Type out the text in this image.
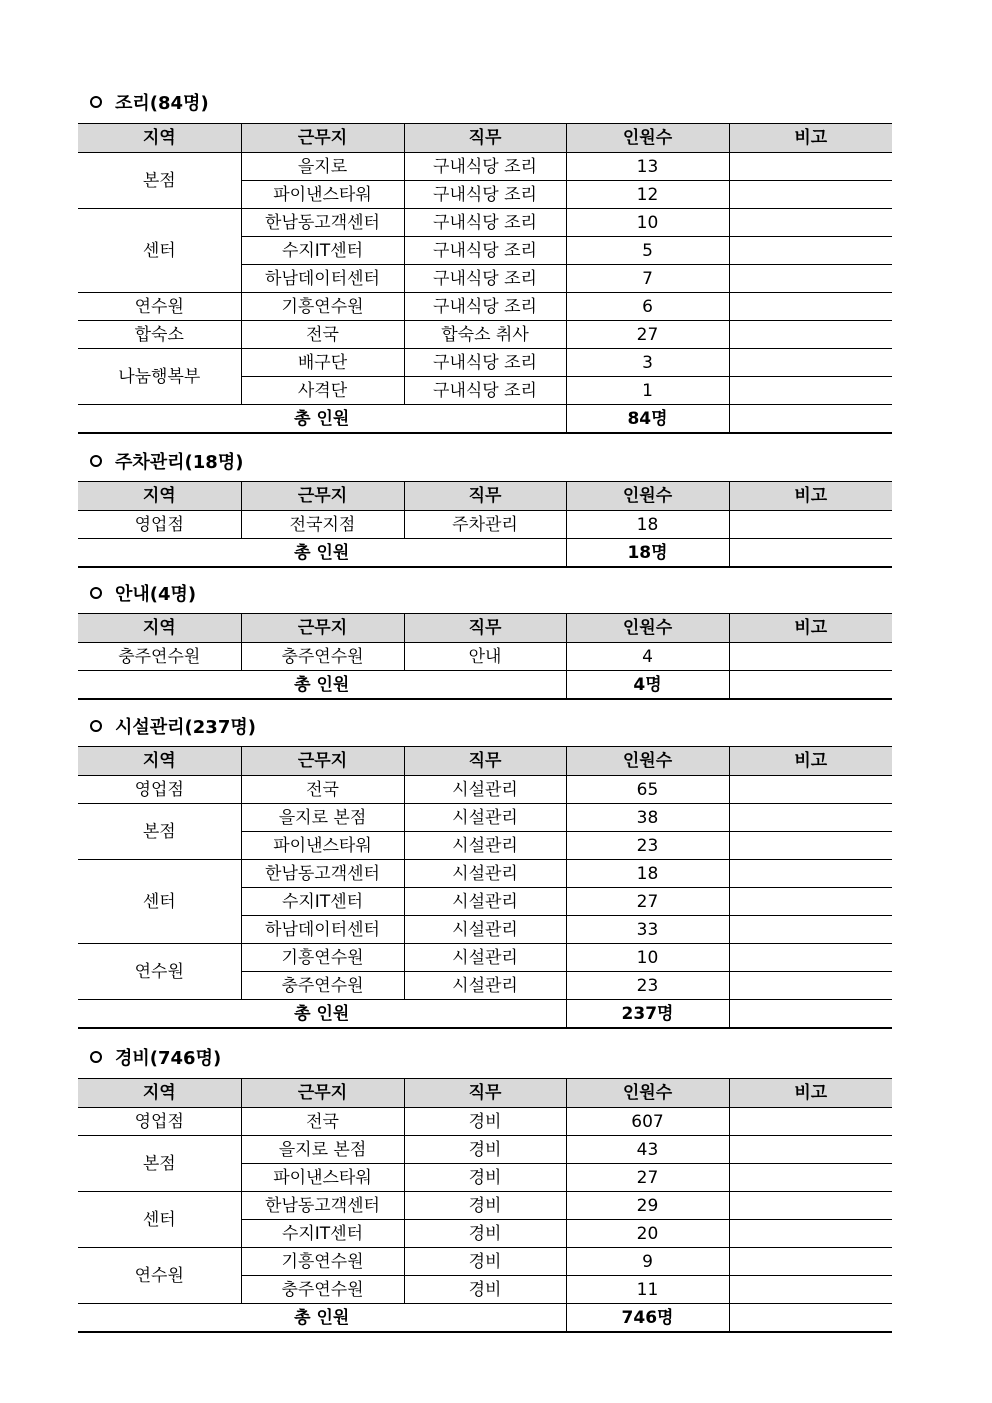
조리(84명)
지역	근무지	직무	인원수	비고
본점	을지로	구내식당 조리	13	
	파이낸스타워	구내식당 조리	12	
센터	한남동고객센터	구내식당 조리	10	
	수지IT센터	구내식당 조리	5	
	하남데이터센터	구내식당 조리	7	
연수원	기흥연수원	구내식당 조리	6	
합숙소	전국	합숙소 취사	27	
나눔행복부	배구단	구내식당 조리	3	
	사격단	구내식당 조리	1	
총 인원			84명	
주차관리(18명)
지역	근무지	직무	인원수	비고
영업점	전국지점	주차관리	18	
총 인원			18명	
안내(4명)
지역	근무지	직무	인원수	비고
충주연수원	충주연수원	안내	4	
총 인원			4명	
시설관리(237명)
지역	근무지	직무	인원수	비고
영업점	전국	시설관리	65	
본점	을지로 본점	시설관리	38	
	파이낸스타워	시설관리	23	
센터	한남동고객센터	시설관리	18	
	수지IT센터	시설관리	27	
	하남데이터센터	시설관리	33	
연수원	기흥연수원	시설관리	10	
	충주연수원	시설관리	23	
총 인원			237명	
경비(746명)
지역	근무지	직무	인원수	비고
영업점	전국	경비	607	
본점	을지로 본점	경비	43	
	파이낸스타워	경비	27	
센터	한남동고객센터	경비	29	
	수지IT센터	경비	20	
연수원	기흥연수원	경비	9	
	충주연수원	경비	11	
총 인원			746명	
